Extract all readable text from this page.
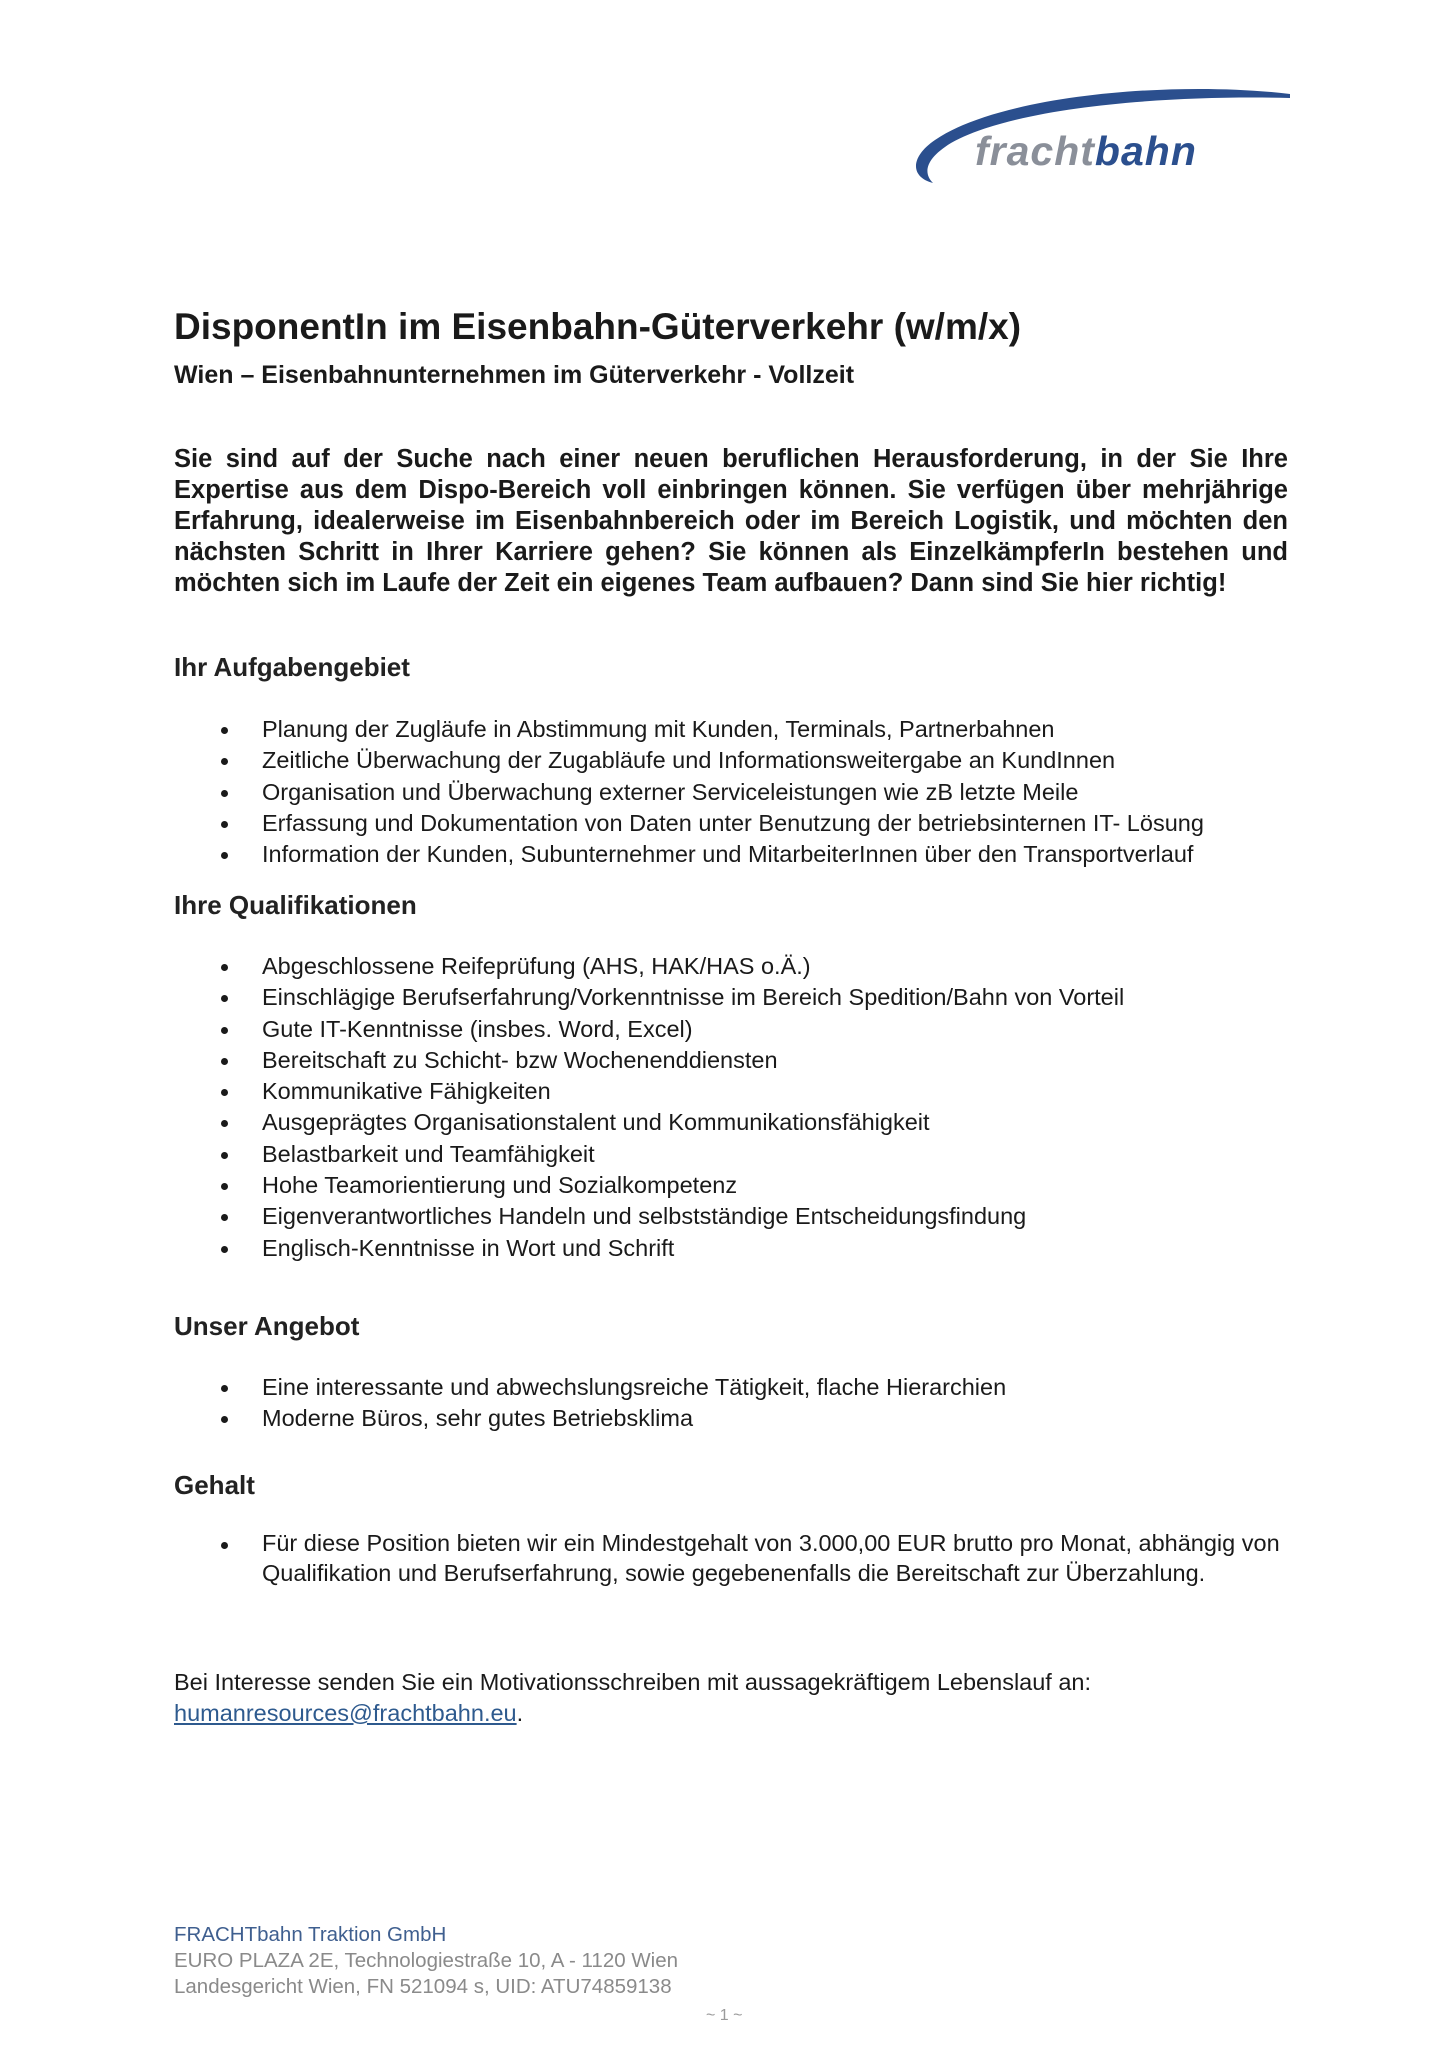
frachtbahn
DisponentIn im Eisenbahn-Güterverkehr (w/m/x)
Wien – Eisenbahnunternehmen im Güterverkehr - Vollzeit

Sie sind auf der Suche nach einer neuen beruflichen Herausforderung, in der Sie Ihre Expertise aus dem Dispo-Bereich voll einbringen können. Sie verfügen über mehrjährige Erfahrung, idealerweise im Eisenbahnbereich oder im Bereich Logistik, und möchten den nächsten Schritt in Ihrer Karriere gehen? Sie können als EinzelkämpferIn bestehen und möchten sich im Laufe der Zeit ein eigenes Team aufbauen? Dann sind Sie hier richtig!

Ihr Aufgabengebiet
Planung der Zugläufe in Abstimmung mit Kunden, Terminals, Partnerbahnen
Zeitliche Überwachung der Zugabläufe und Informationsweitergabe an KundInnen
Organisation und Überwachung externer Serviceleistungen wie zB letzte Meile
Erfassung und Dokumentation von Daten unter Benutzung der betriebsinternen IT- Lösung
Information der Kunden, Subunternehmer und MitarbeiterInnen über den Transportverlauf
Ihre Qualifikationen
Abgeschlossene Reifeprüfung (AHS, HAK/HAS o.Ä.)
Einschlägige Berufserfahrung/Vorkenntnisse im Bereich Spedition/Bahn von Vorteil
Gute IT-Kenntnisse (insbes. Word, Excel)
Bereitschaft zu Schicht- bzw Wochenenddiensten
Kommunikative Fähigkeiten
Ausgeprägtes Organisationstalent und Kommunikationsfähigkeit
Belastbarkeit und Teamfähigkeit
Hohe Teamorientierung und Sozialkompetenz
Eigenverantwortliches Handeln und selbstständige Entscheidungsfindung
Englisch-Kenntnisse in Wort und Schrift
Unser Angebot
Eine interessante und abwechslungsreiche Tätigkeit, flache Hierarchien
Moderne Büros, sehr gutes Betriebsklima
Gehalt
Für diese Position bieten wir ein Mindestgehalt von 3.000,00 EUR brutto pro Monat, abhängig von Qualifikation und Berufserfahrung, sowie gegebenenfalls die Bereitschaft zur Überzahlung.

Bei Interesse senden Sie ein Motivationsschreiben mit aussagekräftigem Lebenslauf an:  humanresources@frachtbahn.eu.

FRACHTbahn Traktion GmbH
EURO PLAZA 2E, Technologiestraße 10, A - 1120 Wien
Landesgericht Wien, FN 521094 s, UID: ATU74859138
~ 1 ~
